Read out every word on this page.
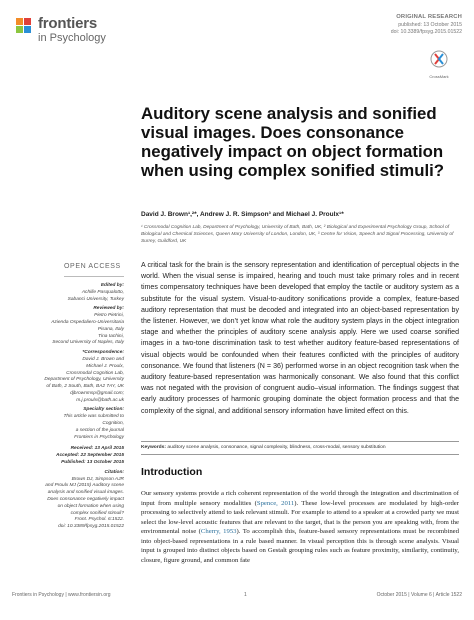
frontiers
in Psychology
ORIGINAL RESEARCH
published: 13 October 2015
doi: 10.3389/fpsyg.2015.01522
CrossMark
Auditory scene analysis and sonified visual images. Does consonance negatively impact on object formation when using complex sonified stimuli?
David J. Brown¹,²*, Andrew J. R. Simpson³ and Michael J. Proulx¹*
¹ Crossmodal Cognition Lab, Department of Psychology, University of Bath, Bath, UK, ² Biological and Experimental Psychology Group, School of Biological and Chemical Sciences, Queen Mary University of London, London, UK, ³ Centre for Vision, Speech and Signal Processing, University of Surrey, Guildford, UK
OPEN ACCESS
Edited by:
Achille Pasqualotto,
Sabanci University, Turkey
Reviewed by:
Pietro Pietrini,
Azienda Ospedaliero-Universitaria
Pisana, Italy
Tina Iachini,
Second University of Naples, Italy
*Correspondence:
David J. Brown and
Michael J. Proulx,
Crossmodal Cognition Lab,
Department of Psychology, University
of Bath, 2 South, Bath, BA2 7AY, UK
djbrownmsp@gmail.com;
m.j.proulx@bath.ac.uk
Specialty section:
This article was submitted to
Cognition,
a section of the journal
Frontiers in Psychology
Received: 13 April 2015
Accepted: 22 September 2015
Published: 13 October 2015
Citation:
Brown DJ, Simpson AJR
and Proulx MJ (2015) Auditory scene
analysis and sonified visual images.
Does consonance negatively impact
on object formation when using
complex sonified stimuli?
Front. Psychol. 6:1522.
doi: 10.3389/fpsyg.2015.01522

A critical task for the brain is the sensory representation and identification of perceptual objects in the world. When the visual sense is impaired, hearing and touch must take primary roles and in recent times compensatory techniques have been developed that employ the tactile or auditory system as a substitute for the visual system. Visual-to-auditory sonifications provide a complex, feature-based auditory representation that must be decoded and integrated into an object-based representation by the listener. However, we don’t yet know what role the auditory system plays in the object integration stage and whether the principles of auditory scene analysis apply. Here we used coarse sonified images in a two-tone discrimination task to test whether auditory feature-based representations of visual objects would be confounded when their features conflicted with the principles of auditory consonance. We found that listeners (N = 36) performed worse in an object recognition task when the auditory feature-based representation was harmonically consonant. We also found that this conflict was not negated with the provision of congruent audio–visual information. The findings suggest that early auditory processes of harmonic grouping dominate the object formation process and that the complexity of the signal, and additional sensory information have limited effect on this.

Keywords: auditory scene analysis, consonance, signal complexity, blindness, cross-modal, sensory substitution
Introduction

Our sensory systems provide a rich coherent representation of the world through the integration and discrimination of input from multiple sensory modalities (Spence, 2011). These low-level processes are modulated by high-order processing to selectively attend to task relevant stimuli. For example to attend to a speaker at a crowded party we must select the low-level acoustic features that are relevant to the target, that is the person you are speaking with, from the environmental noise (Cherry, 1953). To accomplish this, feature-based sensory representations must be recombined into object-based representations in a rule based manner. In visual perception this is through scene analysis. Visual input is grouped into distinct objects based on Gestalt grouping rules such as feature proximity, similarity, continuity, closure, figure ground, and common fate

Frontiers in Psychology | www.frontiersin.org	1	October 2015 | Volume 6 | Article 1522
